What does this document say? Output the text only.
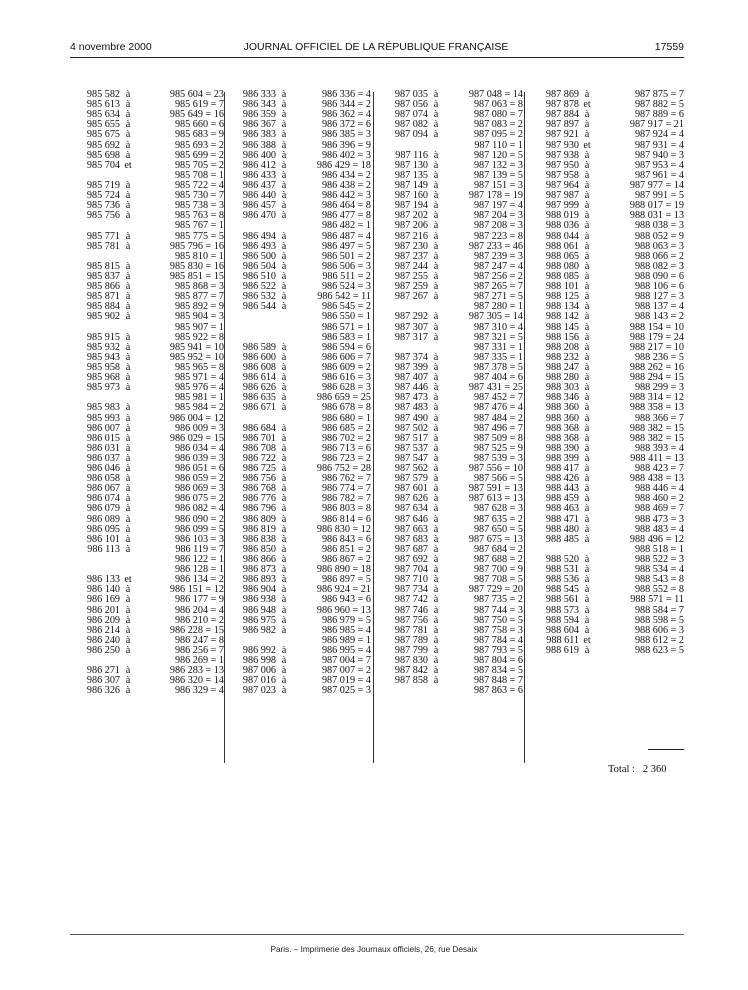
4 novembre 2000	JOURNAL OFFICIEL DE LA RÉPUBLIQUE FRANÇAISE	17559
985 582 à	985 604 = 23
985 613 à	985 619 = 7
985 634 à	985 649 = 16
985 655 à	985 660 = 6
985 675 à	985 683 = 9
985 692 à	985 693 = 2
985 698 à	985 699 = 2
985 704 et	985 705 = 2
985 708 = 1
985 719 à	985 722 = 4
985 724 à	985 730 = 7
985 736 à	985 738 = 3
985 756 à	985 763 = 8
985 767 = 1
985 771 à	985 775 = 5
985 781 à	985 796 = 16
985 810 = 1
985 815 à	985 830 = 16
985 837 à	985 851 = 15
985 866 à	985 868 = 3
985 871 à	985 877 = 7
985 884 à	985 892 = 9
985 902 à	985 904 = 3
985 907 = 1
985 915 à	985 922 = 8
985 932 à	985 941 = 10
985 943 à	985 952 = 10
985 958 à	985 965 = 8
985 968 à	985 971 = 4
985 973 à	985 976 = 4
985 981 = 1
985 983 à	985 984 = 2
985 993 à	986 004 = 12
986 007 à	986 009 = 3
986 015 à	986 029 = 15
986 031 à	986 034 = 4
986 037 à	986 039 = 3
986 046 à	986 051 = 6
986 058 à	986 059 = 2
986 067 à	986 069 = 3
986 074 à	986 075 = 2
986 079 à	986 082 = 4
986 089 à	986 090 = 2
986 095 à	986 099 = 5
986 101 à	986 103 = 3
986 113 à	986 119 = 7
986 122 = 1
986 128 = 1
986 133 et	986 134 = 2
986 140 à	986 151 = 12
986 169 à	986 177 = 9
986 201 à	986 204 = 4
986 209 à	986 210 = 2
986 214 à	986 228 = 15
986 240 à	986 247 = 8
986 250 à	986 256 = 7
986 269 = 1
986 271 à	986 283 = 13
986 307 à	986 320 = 14
986 326 à	986 329 = 4
986 333 à	986 336 = 4
986 343 à	986 344 = 2
986 359 à	986 362 = 4
986 367 à	986 372 = 6
986 383 à	986 385 = 3
986 388 à	986 396 = 9
986 400 à	986 402 = 3
986 412 à	986 429 = 18
986 433 à	986 434 = 2
986 437 à	986 438 = 2
986 440 à	986 442 = 3
986 457 à	986 464 = 8
986 470 à	986 477 = 8
986 482 = 1
986 494 à	986 487 = 4
986 493 à	986 497 = 5
986 500 à	986 501 = 2
986 504 à	986 506 = 3
986 510 à	986 511 = 2
986 522 à	986 524 = 3
986 532 à	986 542 = 11
986 544 à	986 545 = 2
986 550 = 1
986 571 = 1
986 583 = 1
986 589 à	986 594 = 6
986 600 à	986 606 = 7
986 608 à	986 609 = 2
986 614 à	986 616 = 3
986 626 à	986 628 = 3
986 635 à	986 659 = 25
986 671 à	986 678 = 8
986 680 = 1
986 684 à	986 685 = 2
986 701 à	986 702 = 2
986 708 à	986 713 = 6
986 722 à	986 723 = 2
986 725 à	986 752 = 28
986 756 à	986 762 = 7
986 768 à	986 774 = 7
986 776 à	986 782 = 7
986 796 à	986 803 = 8
986 809 à	986 814 = 6
986 819 à	986 830 = 12
986 838 à	986 843 = 6
986 850 à	986 851 = 2
986 866 à	986 867 = 2
986 873 à	986 890 = 18
986 893 à	986 897 = 5
986 904 à	986 924 = 21
986 938 à	986 943 = 6
986 948 à	986 960 = 13
986 975 à	986 979 = 5
986 982 à	986 985 = 4
986 989 = 1
986 992 à	986 995 = 4
986 998 à	987 004 = 7
987 006 à	987 007 = 2
987 016 à	987 019 = 4
987 023 à	987 025 = 3
987 035 à	987 048 = 14
987 056 à	987 063 = 8
987 074 à	987 080 = 7
987 082 à	987 083 = 2
987 094 à	987 095 = 2
987 110 = 1
987 116 à	987 120 = 5
987 130 à	987 132 = 3
987 135 à	987 139 = 5
987 149 à	987 151 = 3
987 160 à	987 178 = 19
987 194 à	987 197 = 4
987 202 à	987 204 = 3
987 206 à	987 208 = 3
987 216 à	987 223 = 8
987 230 à	987 233 = 46
987 237 à	987 239 = 3
987 244 à	987 247 = 4
987 255 à	987 256 = 2
987 259 à	987 265 = 7
987 267 à	987 271 = 5
987 280 = 1
987 292 à	987 305 = 14
987 307 à	987 310 = 4
987 317 à	987 321 = 5
987 331 = 1
987 374 à	987 335 = 1
987 399 à	987 378 = 5
987 407 à	987 404 = 6
987 446 à	987 431 = 25
987 473 à	987 452 = 7
987 483 à	987 476 = 4
987 490 à	987 484 = 2
987 502 à	987 496 = 7
987 517 à	987 509 = 8
987 537 à	987 525 = 9
987 547 à	987 539 = 3
987 562 à	987 556 = 10
987 579 à	987 566 = 5
987 601 à	987 591 = 13
987 626 à	987 613 = 13
987 634 à	987 628 = 3
987 646 à	987 635 = 2
987 663 à	987 650 = 5
987 683 à	987 675 = 13
987 687 à	987 684 = 2
987 692 à	987 688 = 2
987 704 à	987 700 = 9
987 710 à	987 708 = 5
987 734 à	987 729 = 20
987 742 à	987 735 = 2
987 746 à	987 744 = 3
987 756 à	987 750 = 5
987 781 à	987 758 = 3
987 789 à	987 784 = 4
987 799 à	987 793 = 5
987 830 à	987 804 = 6
987 842 à	987 834 = 5
987 858 à	987 848 = 7
987 863 = 6
987 869 à	987 875 = 7
987 878 et	987 882 = 5
987 884 à	987 889 = 6
987 897 à	987 917 = 21
987 921 à	987 924 = 4
987 930 et	987 931 = 4
987 938 à	987 940 = 3
987 950 à	987 953 = 4
987 958 à	987 961 = 4
987 964 à	987 977 = 14
987 987 à	987 991 = 5
987 999 à	988 017 = 19
988 019 à	988 031 = 13
988 036 à	988 038 = 3
988 044 à	988 052 = 9
988 061 à	988 063 = 3
988 065 à	988 066 = 2
988 080 à	988 082 = 3
988 085 à	988 090 = 6
988 101 à	988 106 = 6
988 125 à	988 127 = 3
988 134 à	988 137 = 4
988 142 à	988 143 = 2
988 145 à	988 154 = 10
988 156 à	988 179 = 24
988 208 à	988 217 = 10
988 232 à	988 236 = 5
988 247 à	988 262 = 16
988 280 à	988 294 = 15
988 303 à	988 299 = 3
988 346 à	988 314 = 12
988 360 à	988 358 = 13
988 360 à	988 366 = 7
988 368 à	988 382 = 15
988 368 à	988 382 = 15
988 390 à	988 393 = 4
988 399 à	988 411 = 13
988 417 à	988 423 = 7
988 426 à	988 438 = 13
988 443 à	988 446 = 4
988 459 à	988 460 = 2
988 463 à	988 469 = 7
988 471 à	988 473 = 3
988 480 à	988 483 = 4
988 485 à	988 496 = 12
988 518 = 1
988 520 à	988 522 = 3
988 531 à	988 534 = 4
988 536 à	988 543 = 8
988 545 à	988 552 = 8
988 561 à	988 571 = 11
988 573 à	988 584 = 7
988 594 à	988 598 = 5
988 604 à	988 606 = 3
988 611 et	988 612 = 2
988 619 à	988 623 = 5
Total : 2 360
Paris. – Imprimerie des Journaux officiels, 26, rue Desaix
